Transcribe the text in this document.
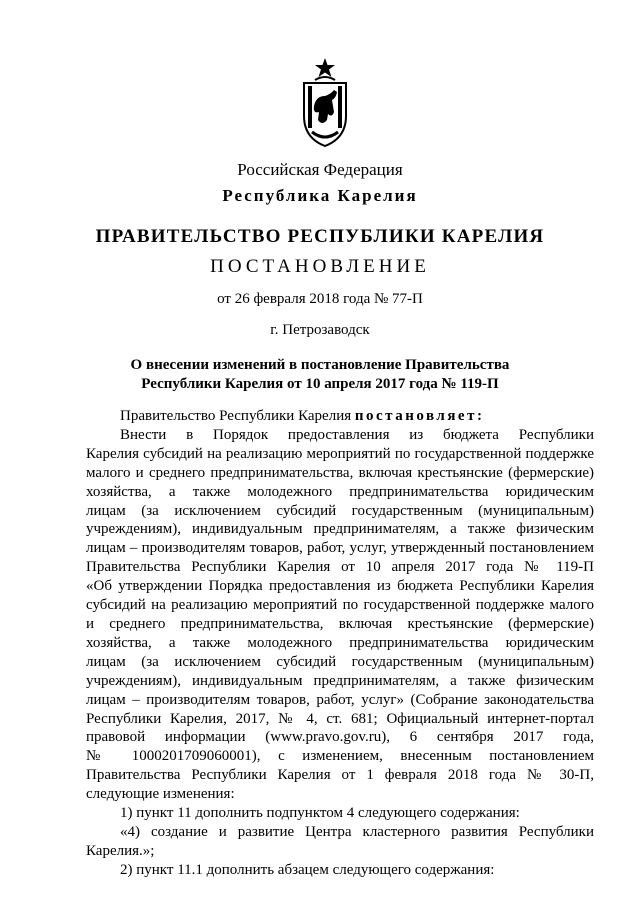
Российская Федерация
Республика Карелия
ПРАВИТЕЛЬСТВО РЕСПУБЛИКИ КАРЕЛИЯ
ПОСТАНОВЛЕНИЕ
от 26 февраля 2018 года № 77-П
г. Петрозаводск
О внесении изменений в постановление Правительства
Республики Карелия от 10 апреля 2017 года № 119-П

Правительство Республики Карелия постановляет:

Внести в Порядок предоставления из бюджета Республики
Карелия субсидий на реализацию мероприятий по государственной поддержке
малого и среднего предпринимательства, включая крестьянские (фермерские)
хозяйства, а также молодежного предпринимательства юридическим
лицам (за исключением субсидий государственным (муниципальным)
учреждениям), индивидуальным предпринимателям, а также физическим
лицам – производителям товаров, работ, услуг, утвержденный постановлением
Правительства Республики Карелия от 10 апреля 2017 года № 119-П
«Об утверждении Порядка предоставления из бюджета Республики Карелия
субсидий на реализацию мероприятий по государственной поддержке малого
и среднего предпринимательства, включая крестьянские (фермерские)
хозяйства, а также молодежного предпринимательства юридическим
лицам (за исключением субсидий государственным (муниципальным)
учреждениям), индивидуальным предпринимателям, а также физическим
лицам – производителям товаров, работ, услуг» (Собрание законодательства
Республики Карелия, 2017, № 4, ст. 681; Официальный интернет-портал
правовой информации (www.pravo.gov.ru), 6 сентября 2017 года,
№ 1000201709060001), с изменением, внесенным постановлением
Правительства Республики Карелия от 1 февраля 2018 года № 30-П,
следующие изменения:
1) пункт 11 дополнить подпунктом 4 следующего содержания:
«4) создание и развитие Центра кластерного развития Республики
Карелия.»;
2) пункт 11.1 дополнить абзацем следующего содержания:
